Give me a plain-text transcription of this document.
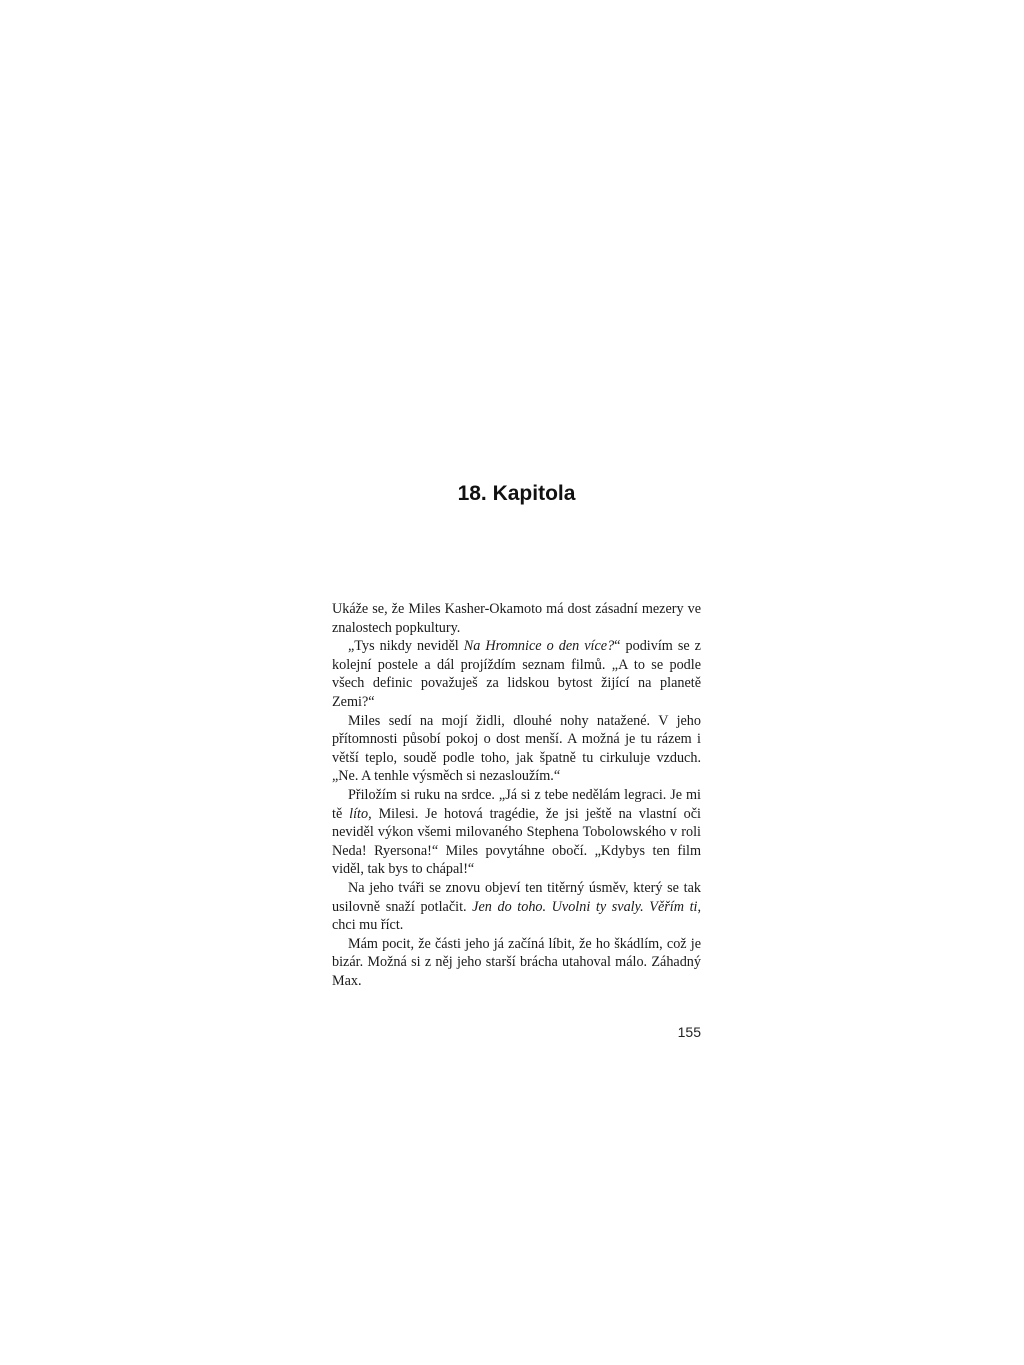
18. Kapitola

Ukáže se, že Miles Kasher-Okamoto má dost zásadní mezery ve znalostech popkultury.

„Tys nikdy neviděl Na Hromnice o den více?“ podivím se z kolejní postele a dál projíždím seznam filmů. „A to se podle všech definic považuješ za lidskou bytost žijící na planetě Zemi?“

Miles sedí na mojí židli, dlouhé nohy natažené. V jeho přítomnosti působí pokoj o dost menší. A možná je tu rázem i větší teplo, soudě podle toho, jak špatně tu cirkuluje vzduch. „Ne. A tenhle výsměch si nezasloužím.“

Přiložím si ruku na srdce. „Já si z tebe nedělám legraci. Je mi tě líto, Milesi. Je hotová tragédie, že jsi ještě na vlastní oči neviděl výkon všemi milovaného Stephena Tobolowského v roli Neda! Ryersona!“ Miles povytáhne obočí. „Kdybys ten film viděl, tak bys to chápal!“

Na jeho tváři se znovu objeví ten titěrný úsměv, který se tak usilovně snaží potlačit. Jen do toho. Uvolni ty svaly. Věřím ti, chci mu říct.

Mám pocit, že části jeho já začíná líbit, že ho škádlím, což je bizár. Možná si z něj jeho starší brácha utahoval málo. Záhadný Max.

155
